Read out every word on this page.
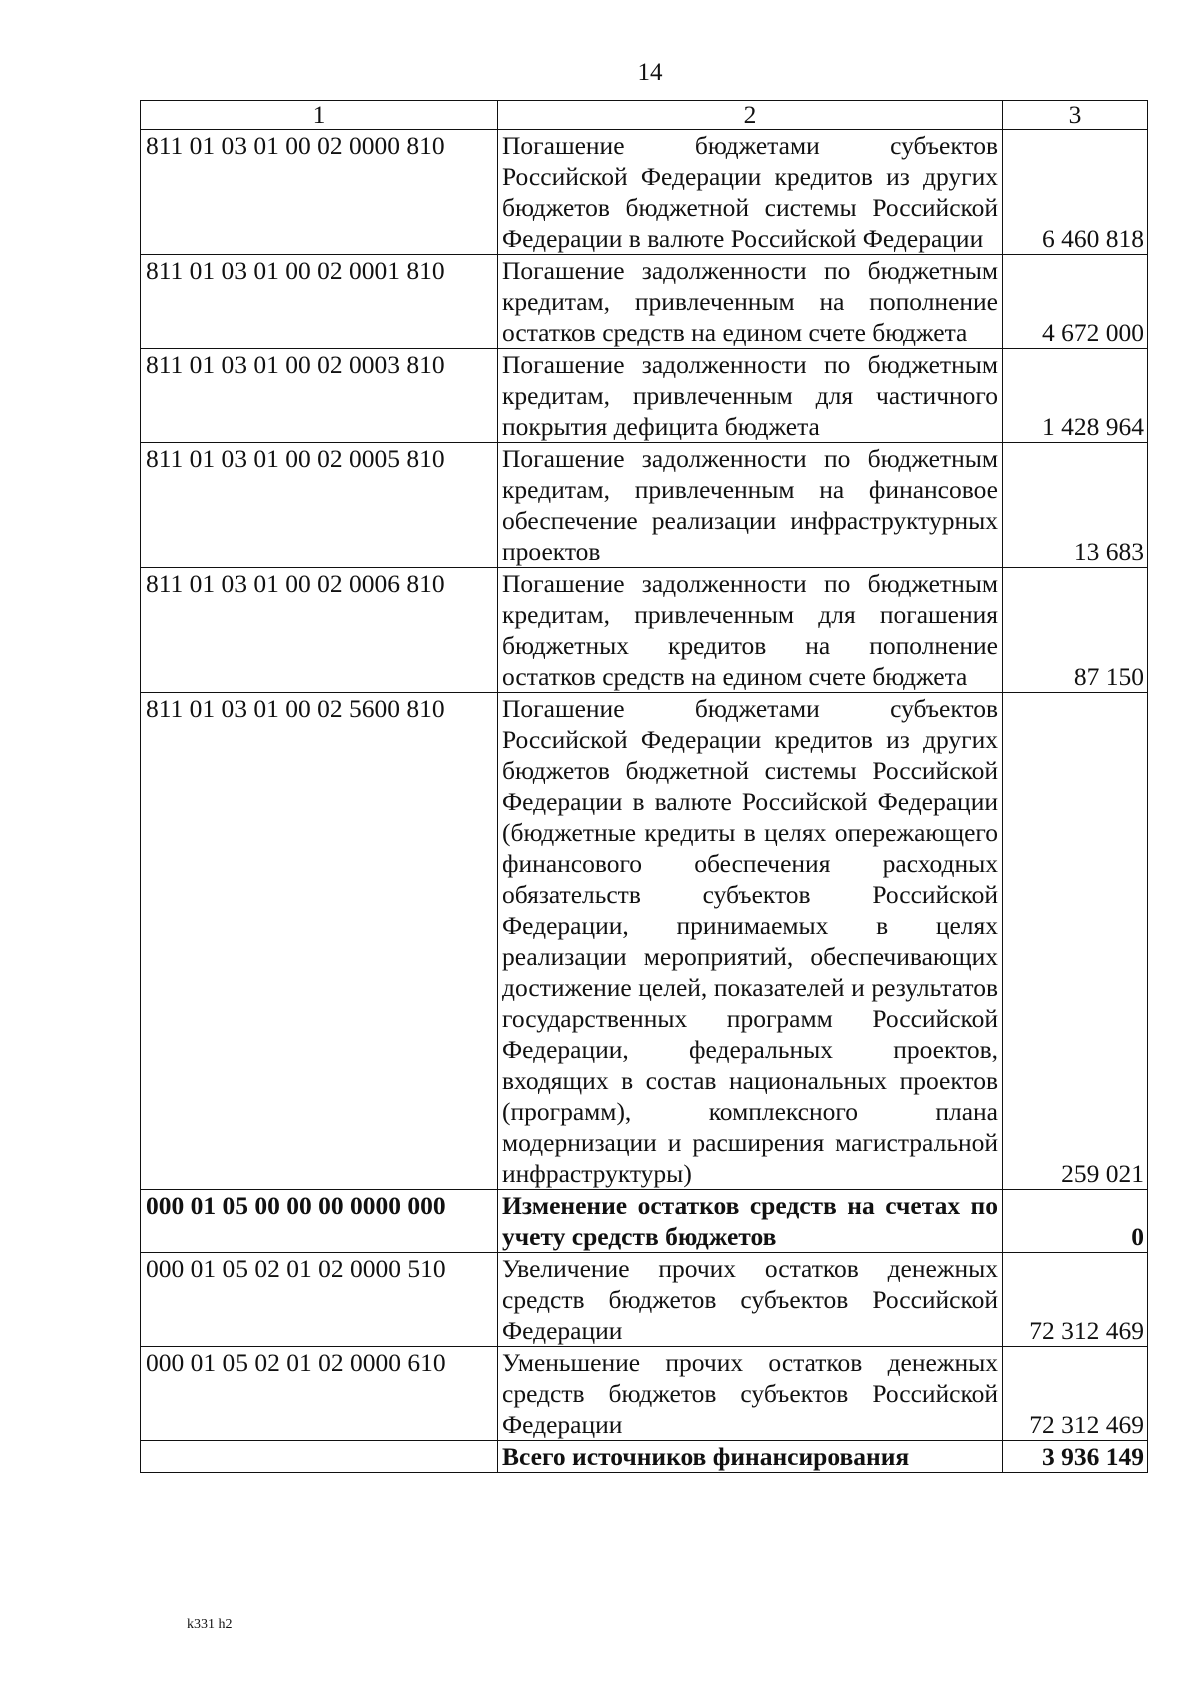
14
1	2	3
811 01 03 01 00 02 0000 810	Погашение бюджетами субъектов Российской Федерации кредитов из других бюджетов бюджетной системы Российской Федерации в валюте Российской Федерации	6 460 818
811 01 03 01 00 02 0001 810	Погашение задолженности по бюджетным кредитам, привлеченным на пополнение остатков средств на едином счете бюджета	4 672 000
811 01 03 01 00 02 0003 810	Погашение задолженности по бюджетным кредитам, привлеченным для частичного покрытия дефицита бюджета	1 428 964
811 01 03 01 00 02 0005 810	Погашение задолженности по бюджетным кредитам, привлеченным на финансовое обеспечение реализации инфраструктурных проектов	13 683
811 01 03 01 00 02 0006 810	Погашение задолженности по бюджетным кредитам, привлеченным для погашения бюджетных кредитов на пополнение остатков средств на едином счете бюджета	87 150
811 01 03 01 00 02 5600 810	Погашение бюджетами субъектов Российской Федерации кредитов из других бюджетов бюджетной системы Российской Федерации в валюте Российской Федерации (бюджетные кредиты в целях опережающего финансового обеспечения расходных обязательств субъектов Российской Федерации, принимаемых в целях реализации мероприятий, обеспечивающих достижение целей, показателей и результатов государственных программ Российской Федерации, федеральных проектов, входящих в состав национальных проектов (программ), комплексного плана модернизации и расширения магистральной инфраструктуры)	259 021
000 01 05 00 00 00 0000 000	Изменение остатков средств на счетах по учету средств бюджетов	0
000 01 05 02 01 02 0000 510	Увеличение прочих остатков денежных средств бюджетов субъектов Российской Федерации	72 312 469
000 01 05 02 01 02 0000 610	Уменьшение прочих остатков денежных средств бюджетов субъектов Российской Федерации	72 312 469
	Всего источников финансирования	3 936 149
k331 h2
